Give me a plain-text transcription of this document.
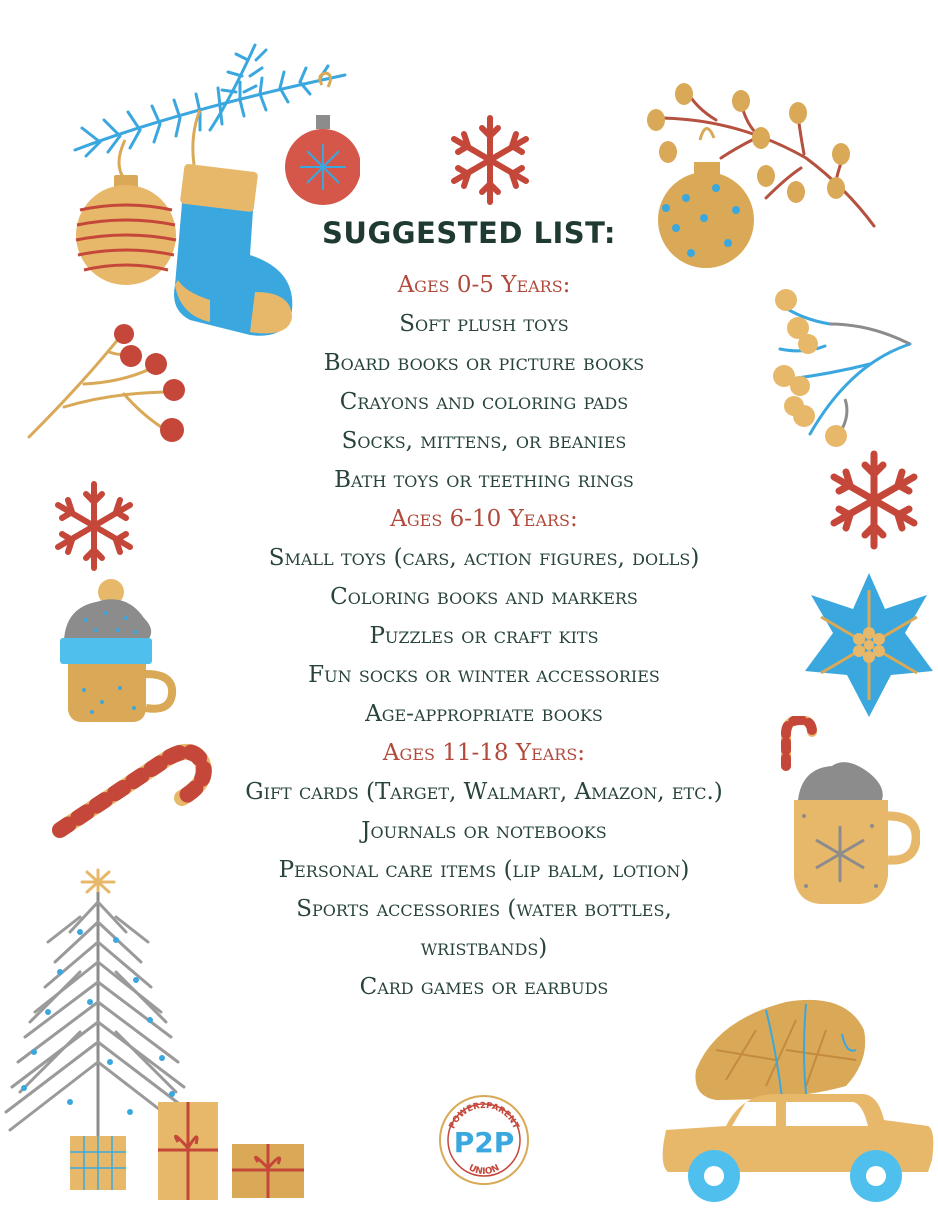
SUGGESTED LIST:
Ages 0-5 Years:
Soft plush toys
Board books or picture books
Crayons and coloring pads
Socks, mittens, or beanies
Bath toys or teething rings
Ages 6-10 Years:
Small toys (cars, action figures, dolls)
Coloring books and markers
Puzzles or craft kits
Fun socks or winter accessories
Age-appropriate books
Ages 11-18 Years:
Gift cards (Target, Walmart, Amazon, etc.)
Journals or notebooks
Personal care items (lip balm, lotion)
Sports accessories (water bottles, wristbands)
Card games or earbuds
POWER2PARENT
P2P
UNION
